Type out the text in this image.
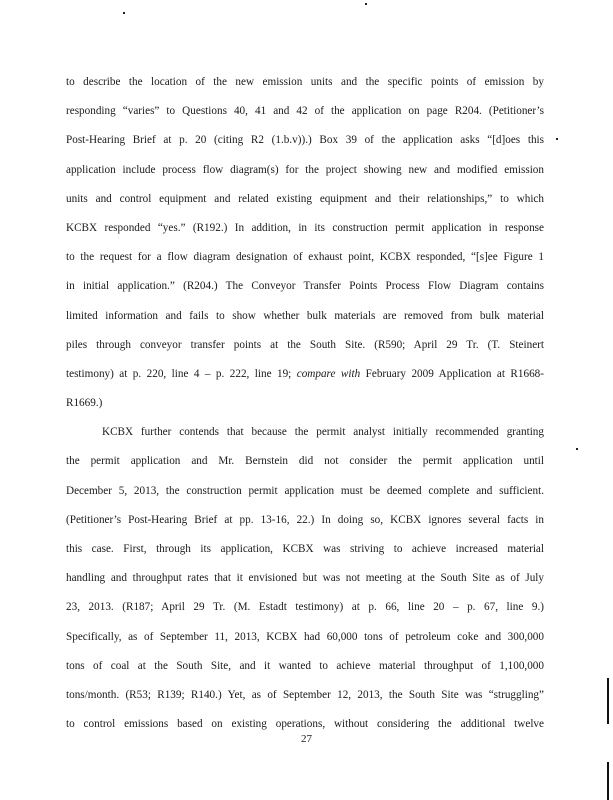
to describe the location of the new emission units and the specific points of emission by
responding “varies” to Questions 40, 41 and 42 of the application on page R204. (Petitioner’s
Post-Hearing Brief at p. 20 (citing R2 (1.b.v)).) Box 39 of the application asks “[d]oes this
application include process flow diagram(s) for the project showing new and modified emission
units and control equipment and related existing equipment and their relationships,” to which
KCBX responded “yes.” (R192.) In addition, in its construction permit application in response
to the request for a flow diagram designation of exhaust point, KCBX responded, “[s]ee Figure 1
in initial application.” (R204.) The Conveyor Transfer Points Process Flow Diagram contains
limited information and fails to show whether bulk materials are removed from bulk material
piles through conveyor transfer points at the South Site. (R590; April 29 Tr. (T. Steinert
testimony) at p. 220, line 4 – p. 222, line 19; compare with February 2009 Application at R1668-
R1669.)
KCBX further contends that because the permit analyst initially recommended granting
the permit application and Mr. Bernstein did not consider the permit application until
December 5, 2013, the construction permit application must be deemed complete and sufficient.
(Petitioner’s Post-Hearing Brief at pp. 13-16, 22.) In doing so, KCBX ignores several facts in
this case. First, through its application, KCBX was striving to achieve increased material
handling and throughput rates that it envisioned but was not meeting at the South Site as of July
23, 2013. (R187; April 29 Tr. (M. Estadt testimony) at p. 66, line 20 – p. 67, line 9.)
Specifically, as of September 11, 2013, KCBX had 60,000 tons of petroleum coke and 300,000
tons of coal at the South Site, and it wanted to achieve material throughput of 1,100,000
tons/month. (R53; R139; R140.) Yet, as of September 12, 2013, the South Site was “struggling”
to control emissions based on existing operations, without considering the additional twelve
27
